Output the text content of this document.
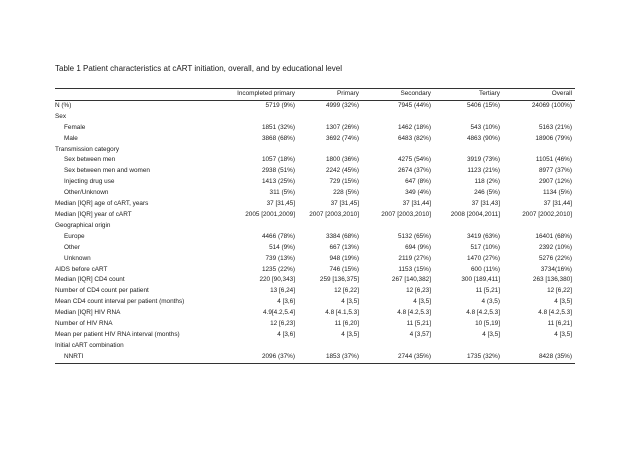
Table 1 Patient characteristics at cART initiation, overall, and by educational level
	Incompleted primary	Primary	Secondary	Tertiary	Overall
N (%)	5719 (9%)	4999 (32%)	7945 (44%)	5406 (15%)	24069 (100%)
Sex					
Female	1851 (32%)	1307 (26%)	1462 (18%)	543 (10%)	5163 (21%)
Male	3868 (68%)	3692 (74%)	6483 (82%)	4863 (90%)	18906 (79%)
Transmission category					
Sex between men	1057 (18%)	1800 (36%)	4275 (54%)	3919 (73%)	11051 (46%)
Sex between men and women	2938 (51%)	2242 (45%)	2674 (37%)	1123 (21%)	8977 (37%)
Injecting drug use	1413 (25%)	729 (15%)	647 (8%)	118 (2%)	2907 (12%)
Other/Unknown	311 (5%)	228 (5%)	349 (4%)	246 (5%)	1134 (5%)
Median [IQR] age of cART, years	37 [31,45]	37 [31,45]	37 [31,44]	37 [31,43]	37 [31,44]
Median [IQR] year of cART	2005 [2001,2009]	2007 [2003,2010]	2007 [2003,2010]	2008 [2004,2011]	2007 [2002,2010]
Geographical origin					
Europe	4466 (78%)	3384 (68%)	5132 (65%)	3419 (63%)	16401 (68%)
Other	514 (9%)	667 (13%)	694 (9%)	517 (10%)	2392 (10%)
Unknown	739 (13%)	948 (19%)	2119 (27%)	1470 (27%)	5276 (22%)
AIDS before cART	1235 (22%)	746 (15%)	1153 (15%)	600 (11%)	3734(16%)
Median [IQR] CD4 count	220 [90,343]	259 [136,375]	267 [140,382]	300 [189,411]	263 [136,380]
Number of CD4 count per patient	13 [6,24]	12 [6,22]	12 [6,23]	11 [5,21]	12 [6,22]
Mean CD4 count interval per patient (months)	4 [3,6]	4 [3,5]	4 [3,5]	4 (3,5)	4 [3,5]
Median [IQR] HIV RNA	4.9[4.2,5.4]	4.8 [4.1,5.3]	4.8 [4.2,5.3]	4.8 [4.2,5.3]	4.8 [4.2,5.3]
Number of HIV RNA	12 [6,23]	11 [6,20]	11 [5,21]	10 [5,19]	11 [6,21]
Mean per patient HIV RNA interval (months)	4 [3,6]	4 [3,5]	4 [3,57]	4 [3,5]	4 [3,5]
Initial cART combination					
NNRTI	2096 (37%)	1853 (37%)	2744 (35%)	1735 (32%)	8428 (35%)
